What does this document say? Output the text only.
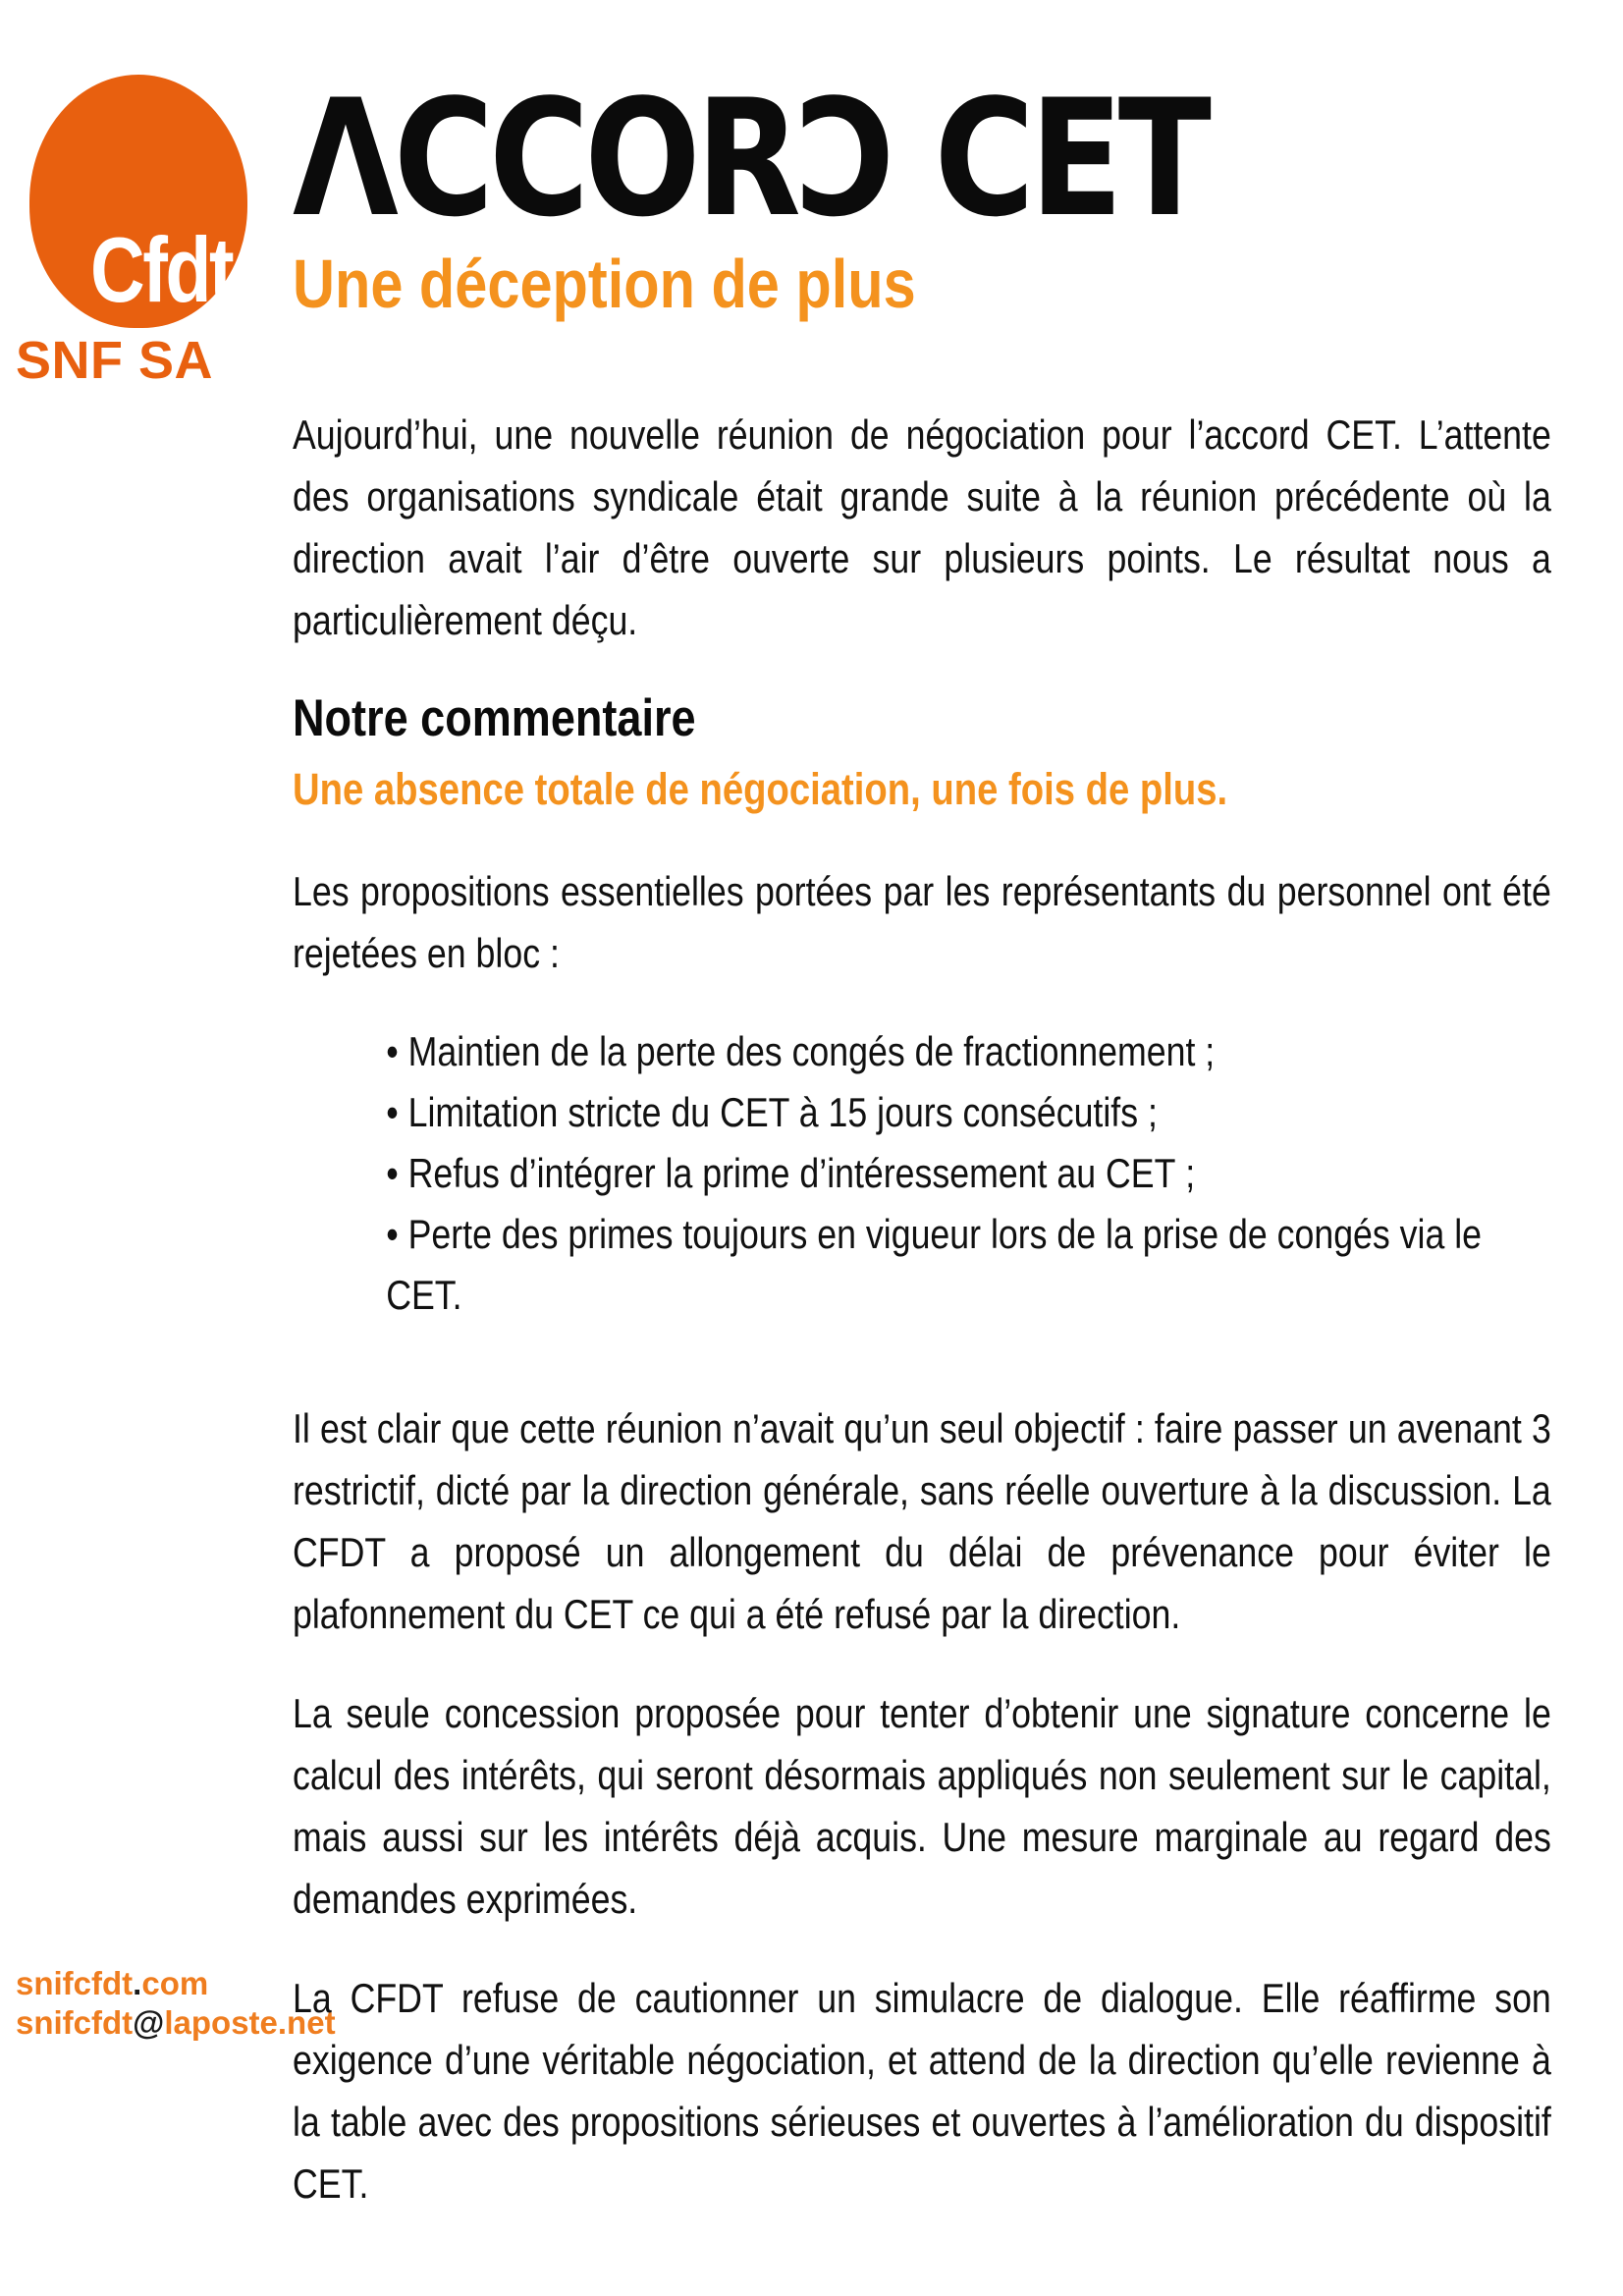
Cfdt:
SNF SA
snifcfdt.com
snifcfdt@laposte.net
ΛCCORƆ CET
Une déception de plus

Aujourd’hui, une nouvelle réunion de négociation pour l’accord CET. L’attente des organisations syndicale était grande suite à la réunion précédente où la direction avait l’air d’être ouverte sur plusieurs points. Le résultat nous a particulièrement déçu.

Notre commentaire
Une absence totale de négociation, une fois de plus.

Les propositions essentielles portées par les représentants du personnel ont été rejetées en bloc :

• Maintien de la perte des congés de fractionnement ;
• Limitation stricte du CET à 15 jours consécutifs ;
• Refus d’intégrer la prime d’intéressement au CET ;
• Perte des primes toujours en vigueur lors de la prise de congés via le CET.

Il est clair que cette réunion n’avait qu’un seul objectif : faire passer un avenant 3 restrictif, dicté par la direction générale, sans réelle ouverture à la discussion. La CFDT a proposé un allongement du délai de prévenance pour éviter le plafonnement du CET ce qui a été refusé par la direction.

La seule concession proposée pour tenter d’obtenir une signature concerne le calcul des intérêts, qui seront désormais appliqués non seulement sur le capital, mais aussi sur les intérêts déjà acquis. Une mesure marginale au regard des demandes exprimées.

La CFDT refuse de cautionner un simulacre de dialogue. Elle réaffirme son exigence d’une véritable négociation, et attend de la direction qu’elle revienne à la table avec des propositions sérieuses et ouvertes à l’amélioration du dispositif CET.
